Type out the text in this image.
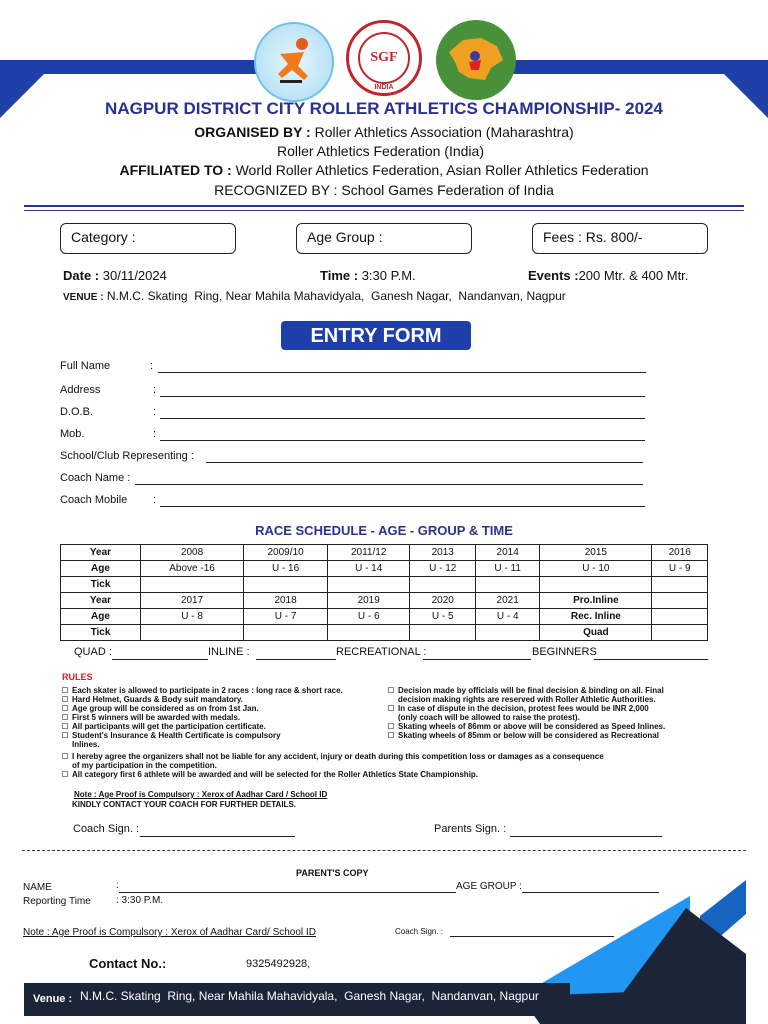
SGF
INDIA
NAGPUR DISTRICT CITY ROLLER ATHLETICS CHAMPIONSHIP- 2024
ORGANISED BY : Roller Athletics Association (Maharashtra)
Roller Athletics Federation (India)
AFFILIATED TO : World Roller Athletics Federation, Asian Roller Athletics Federation
RECOGNIZED BY : School Games Federation of India
Category :	Age Group :	Fees : Rs. 800/-
Date : 30/11/2024	Time : 3:30 P.M.	Events :200 Mtr. & 400 Mtr.
VENUE : N.M.C. Skating  Ring, Near Mahila Mahavidyala,  Ganesh Nagar,  Nandanvan, Nagpur
ENTRY FORM
Full Name	:
Address	:
D.O.B.	:
Mob.	:
School/Club Representing :
Coach Name :
Coach Mobile :
RACE SCHEDULE - AGE - GROUP & TIME
Year	2008	2009/10	2011/12	2013	2014	2015	2016
Age	Above -16	U - 16	U - 14	U - 12	U - 11	U - 10	U - 9
Tick							
Year	2017	2018	2019	2020	2021	Pro.Inline	
Age	U - 8	U - 7	U - 6	U - 5	U - 4	Rec. Inline	
Tick						Quad	
QUAD :	INLINE :	RECREATIONAL :	BEGINNERS
RULES
Each skater is allowed to participate in 2 races : long race & short race.
Hard Helmet, Guards & Body suit mandatory.
Age group will be considered as on from 1st Jan.
First 5 winners will be awarded with medals.
All participants will get the participation certificate.
Student's Insurance & Health Certificate is compulsory
Inlines.
Decision made by officials will be final decision & binding on all. Final
decision making rights are reserved with Roller Athletic Authorities.
In case of dispute in the decision, protest fees would be INR 2,000
(only coach will be allowed to raise the protest).
Skating wheels of 86mm or above will be considered as Speed Inlines.
Skating wheels of 85mm or below will be considered as Recreational
I hereby agree the organizers shall not be liable for any accident, injury or death during this competition loss or damages as a consequence
of my participation in the competition.
All category first 6 athlete will be awarded and will be selected for the Roller Athletics State Championship.
Note : Age Proof is Compulsory : Xerox of Aadhar Card / School ID
KINDLY CONTACT YOUR COACH FOR FURTHER DETAILS.
Coach Sign. :	Parents Sign. :
PARENT'S COPY
NAME	:	AGE GROUP :
Reporting Time	: 3:30 P.M.
Note : Age Proof is Compulsory : Xerox of Aadhar Card/ School ID	Coach Sign. :
Contact No.:	9325492928,
Venue : N.M.C. Skating  Ring, Near Mahila Mahavidyala,  Ganesh Nagar,  Nandanvan, Nagpur
